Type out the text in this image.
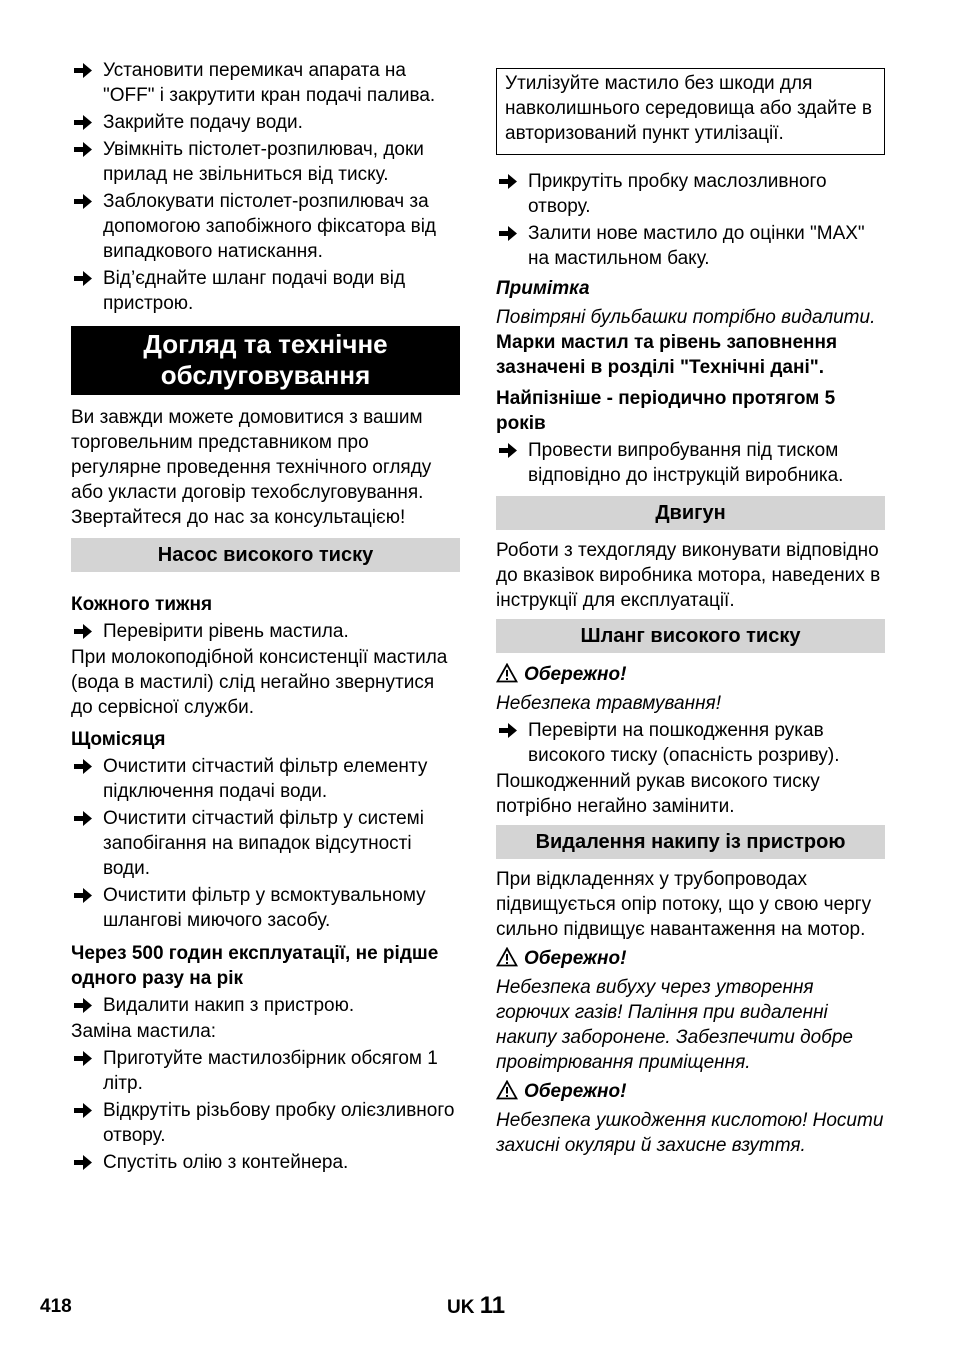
Установити перемикач апарата на "OFF" і закрутити кран подачі палива.
Закрийте подачу води.
Увімкніть пістолет-розпилювач, доки прилад не звільниться від тиску.
Заблокувати пістолет-розпилювач за допомогою запобіжного фіксатора від випадкового натискання.
Від’єднайте шланг подачі води від пристрою.
Догляд та технічне обслуговування

Ви завжди можете домовитися з вашим торговельним представником про регулярне проведення технічного огляду або укласти договір техобслуговування. Звертайтеся до нас за консультацією!

Насос високого тиску

Кожного тижня

Перевірити рівень мастила.

При молокоподібной консистенції мастила (вода в мастилі) слід негайно звернутися до сервісної служби.

Щомісяця

Очистити сітчастий фільтр елементу підключення подачі води.
Очистити сітчастий фільтр у системі запобігання на випадок відсутності води.
Очистити фільтр у всмоктувальному шлангові миючого засобу.

Через 500 годин експлуатації, не рідше одного разу на рік

Видалити накип з пристрою.

Заміна мастила:

Приготуйте мастилозбірник обсягом 1 літр.
Відкрутіть різьбову пробку олієзливного отвору.
Спустіть олію з контейнера.

Утилізуйте мастило без шкоди для навколишнього середовища або здайте в авторизований пункт утилізації.

Прикрутіть пробку маслозливного отвору.
Залити нове мастило до оцінки "MAX" на мастильном баку.

Примітка

Повітряні бульбашки потрібно видалити.

Марки мастил та рівень заповнення зазначені в розділі "Технічні дані".

Найпізніше - періодично протягом 5 років

Провести випробування під тиском відповідно до інструкцій виробника.
Двигун

Роботи з техдогляду виконувати відповідно до вказівок виробника мотора, наведених в інструкції для експлуатації.

Шланг високого тиску
Обережно!

Небезпека травмування!

Перевірти на пошкодження рукав високого тиску (опасність розриву).

Пошкодженний рукав високого тиску потрібно негайно замінити.

Видалення накипу із пристрою

При відкладеннях у трубопроводах підвищується опір потоку, що у свою чергу сильно підвищує навантаження на мотор.

Обережно!

Небезпека вибуху через утворення горючих газів! Паління при видаленні накипу заборонене. Забезпечити добре провітрювання приміщення.

Обережно!

Небезпека ушкодження кислотою! Носити захисні окуляри й захисне взуття.

418	UK 11
